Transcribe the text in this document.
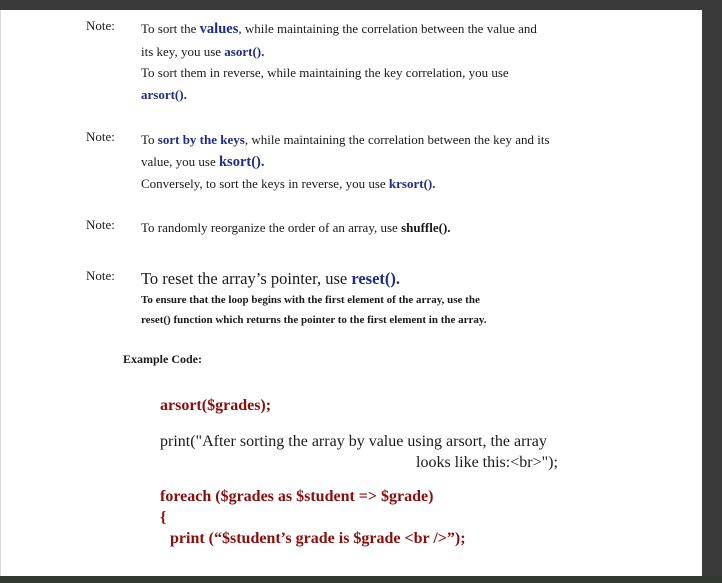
Note:	To sort the values, while maintaining the correlation between the value and
its key, you use asort().
To sort them in reverse, while maintaining the key correlation, you use
arsort().
Note:	To sort by the keys, while maintaining the correlation between the key and its
value, you use ksort().
Conversely, to sort the keys in reverse, you use krsort().
Note:	To randomly reorganize the order of an array, use shuffle().
Note:	To reset the array’s pointer, use reset().
To ensure that the loop begins with the first element of the array, use the
reset() function which returns the pointer to the first element in the array.
Example Code:
arsort($grades);
print("After sorting the array by value using arsort, the array
looks like this:<br>");
foreach ($grades as $student => $grade)
{
print (“$student’s grade is $grade <br />”);
